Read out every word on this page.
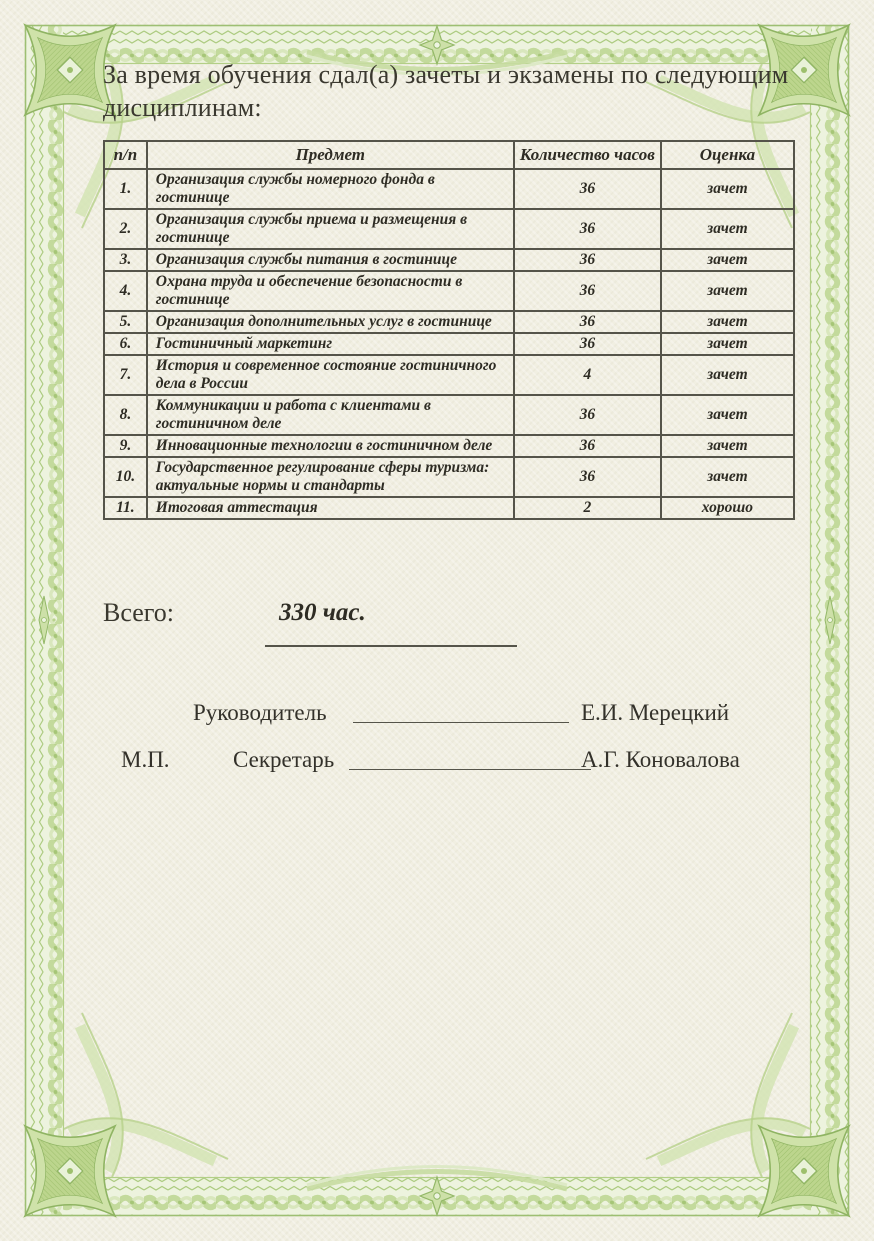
За время обучения сдал(а) зачеты и экзамены по следующим
дисциплинам:
п/п	Предмет	Количество часов	Оценка
1.	Организация службы номерного фонда в гостинице	36	зачет
2.	Организация службы приема и размещения в гостинице	36	зачет
3.	Организация службы питания в гостинице	36	зачет
4.	Охрана труда и обеспечение безопасности в гостинице	36	зачет
5.	Организация дополнительных услуг в гостинице	36	зачет
6.	Гостиничный маркетинг	36	зачет
7.	История и современное состояние гостиничного дела в России	4	зачет
8.	Коммуникации и работа с клиентами в гостиничном деле	36	зачет
9.	Инновационные технологии в гостиничном деле	36	зачет
10.	Государственное регулирование сферы туризма: актуальные нормы и стандарты	36	зачет
11.	Итоговая аттестация	2	хорошо
Всего:	330 час.
Руководитель	Е.И. Мерецкий
М.П.	Секретарь	А.Г. Коновалова
